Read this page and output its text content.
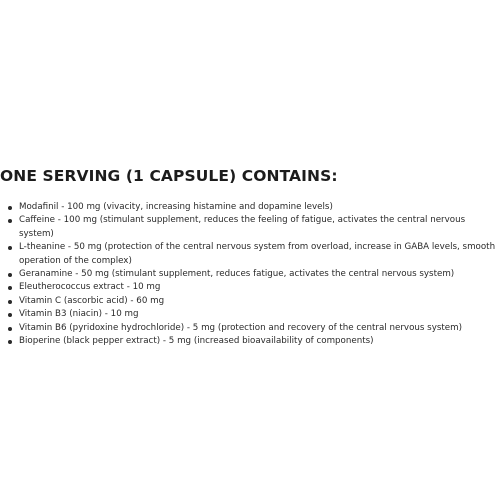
ONE SERVING (1 CAPSULE) CONTAINS:
Modafinil - 100 mg (vivacity, increasing histamine and dopamine levels)
Caffeine - 100 mg (stimulant supplement, reduces the feeling of fatigue, activates the central nervous system)
L-theanine - 50 mg (protection of the central nervous system from overload, increase in GABA levels, smooth operation of the complex)
Geranamine - 50 mg (stimulant supplement, reduces fatigue, activates the central nervous system)
Eleutherococcus extract - 10 mg
Vitamin C (ascorbic acid) - 60 mg
Vitamin B3 (niacin) - 10 mg
Vitamin B6 (pyridoxine hydrochloride) - 5 mg (protection and recovery of the central nervous system)
Bioperine (black pepper extract) - 5 mg (increased bioavailability of components)
